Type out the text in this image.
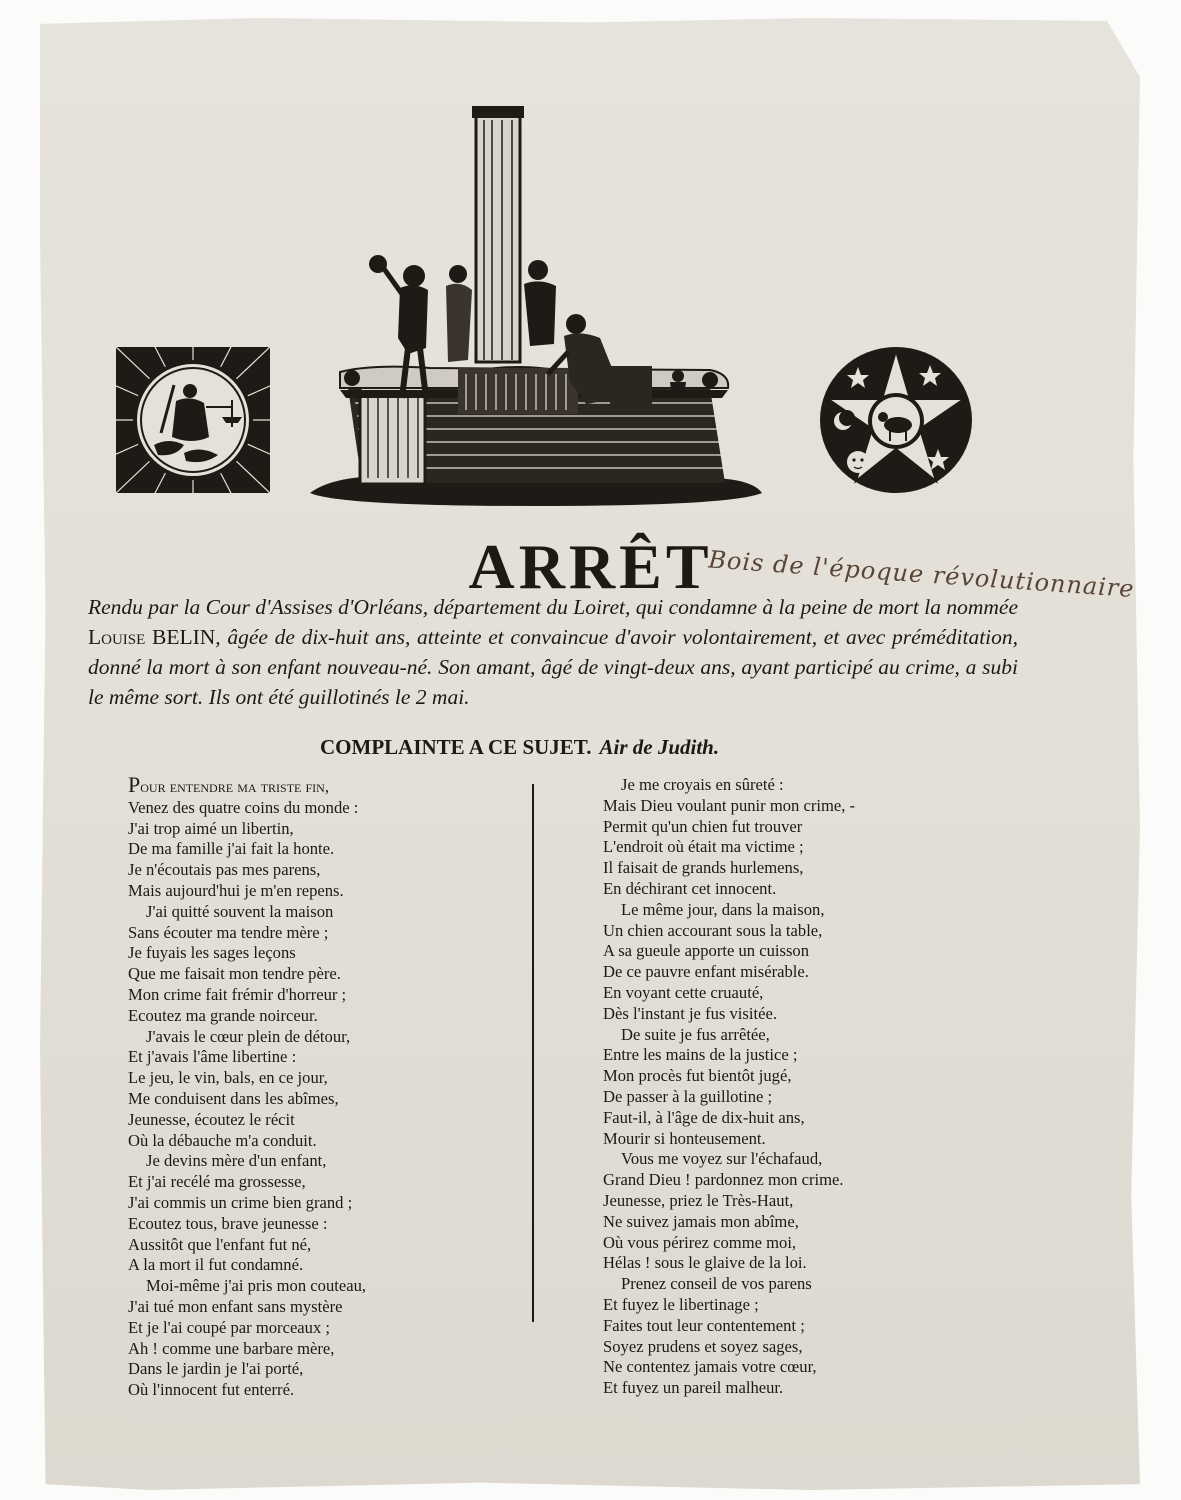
ARRÊT
Bois de l'époque révolutionnaire

Rendu par la Cour d'Assises d'Orléans, département du Loiret, qui condamne à la peine de mort la nommée Louise BELIN, âgée de dix-huit ans, atteinte et convaincue d'avoir volontairement, et avec préméditation, donné la mort à son enfant nouveau-né. Son amant, âgé de vingt-deux ans, ayant participé au crime, a subi le même sort. Ils ont été guillotinés le 2 mai.

COMPLAINTE A CE SUJET. Air de Judith.

Pour entendre ma triste fin,
Venez des quatre coins du monde :
J'ai trop aimé un libertin,
De ma famille j'ai fait la honte.
Je n'écoutais pas mes parens,
Mais aujourd'hui je m'en repens.
J'ai quitté souvent la maison
Sans écouter ma tendre mère ;
Je fuyais les sages leçons
Que me faisait mon tendre père.
Mon crime fait frémir d'horreur ;
Ecoutez ma grande noirceur.
J'avais le cœur plein de détour,
Et j'avais l'âme libertine :
Le jeu, le vin, bals, en ce jour,
Me conduisent dans les abîmes,
Jeunesse, écoutez le récit
Où la débauche m'a conduit.
Je devins mère d'un enfant,
Et j'ai recélé ma grossesse,
J'ai commis un crime bien grand ;
Ecoutez tous, brave jeunesse :
Aussitôt que l'enfant fut né,
A la mort il fut condamné.
Moi-même j'ai pris mon couteau,
J'ai tué mon enfant sans mystère
Et je l'ai coupé par morceaux ;
Ah ! comme une barbare mère,
Dans le jardin je l'ai porté,
Où l'innocent fut enterré.
Je me croyais en sûreté :
Mais Dieu voulant punir mon crime, -
Permit qu'un chien fut trouver
L'endroit où était ma victime ;
Il faisait de grands hurlemens,
En déchirant cet innocent.
Le même jour, dans la maison,
Un chien accourant sous la table,
A sa gueule apporte un cuisson
De ce pauvre enfant misérable.
En voyant cette cruauté,
Dès l'instant je fus visitée.
De suite je fus arrêtée,
Entre les mains de la justice ;
Mon procès fut bientôt jugé,
De passer à la guillotine ;
Faut-il, à l'âge de dix-huit ans,
Mourir si honteusement.
Vous me voyez sur l'échafaud,
Grand Dieu ! pardonnez mon crime.
Jeunesse, priez le Très-Haut,
Ne suivez jamais mon abîme,
Où vous périrez comme moi,
Hélas ! sous le glaive de la loi.
Prenez conseil de vos parens
Et fuyez le libertinage ;
Faites tout leur contentement ;
Soyez prudens et soyez sages,
Ne contentez jamais votre cœur,
Et fuyez un pareil malheur.
